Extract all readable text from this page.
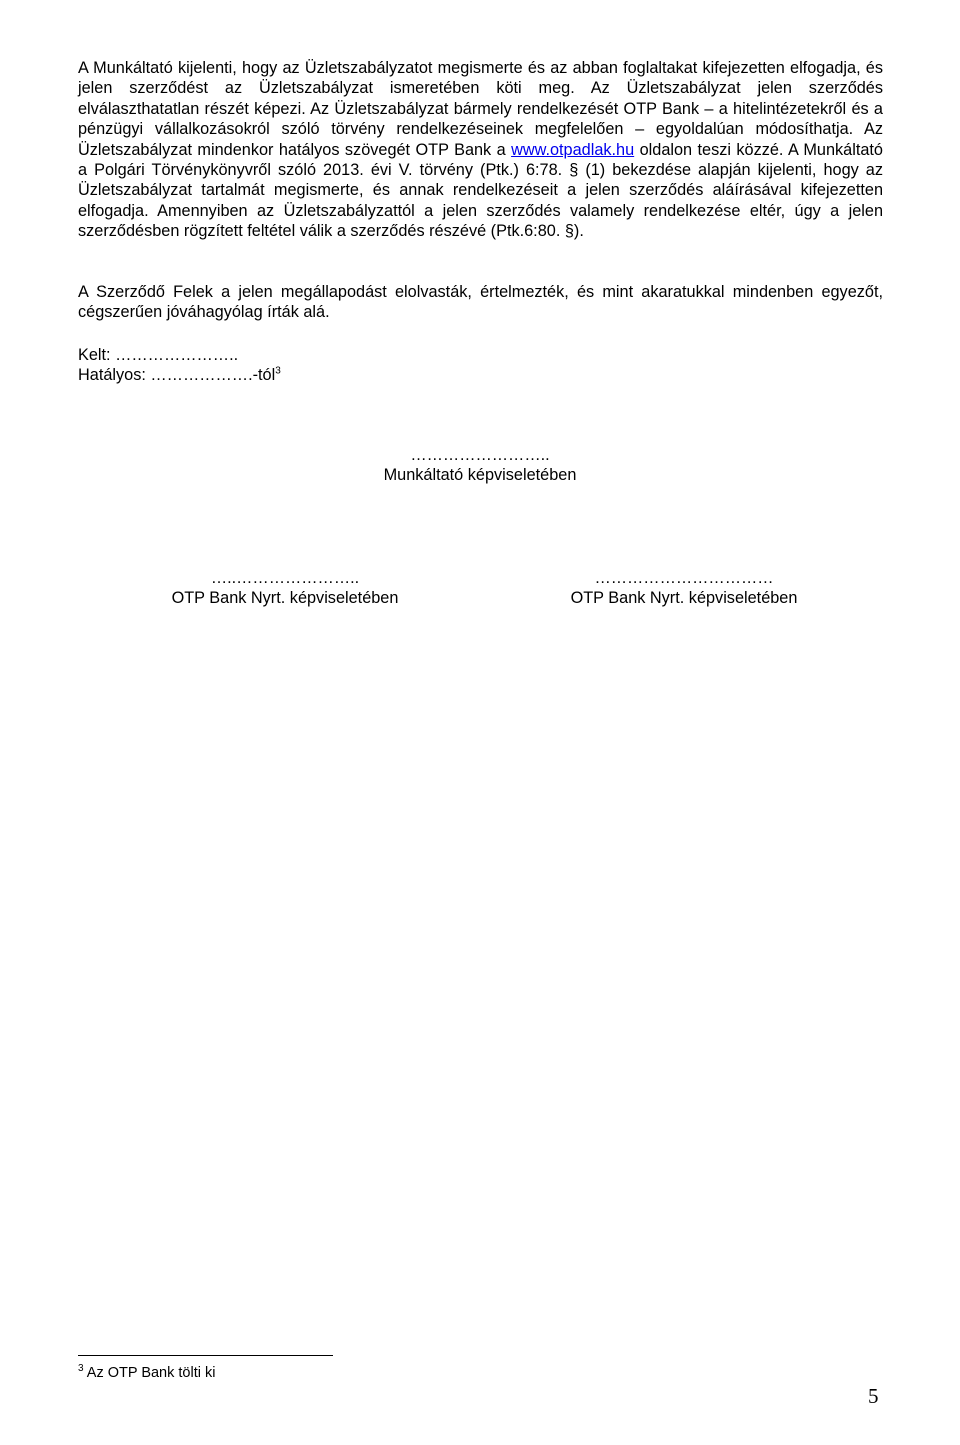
A Munkáltató kijelenti, hogy az Üzletszabályzatot megismerte és az abban foglaltakat kifejezetten elfogadja, és jelen szerződést az Üzletszabályzat ismeretében köti meg. Az Üzletszabályzat jelen szerződés elválaszthatatlan részét képezi. Az Üzletszabályzat bármely rendelkezését OTP Bank – a hitelintézetekről és a pénzügyi vállalkozásokról szóló törvény rendelkezéseinek megfelelően – egyoldalúan módosíthatja. Az Üzletszabályzat mindenkor hatályos szövegét OTP Bank a www.otpadlak.hu oldalon teszi közzé. A Munkáltató a Polgári Törvénykönyvről szóló 2013. évi V. törvény (Ptk.) 6:78. § (1) bekezdése alapján kijelenti, hogy az Üzletszabályzat tartalmát megismerte, és annak rendelkezéseit a jelen szerződés aláírásával kifejezetten elfogadja. Amennyiben az Üzletszabályzattól a jelen szerződés valamely rendelkezése eltér, úgy a jelen szerződésben rögzített feltétel válik a szerződés részévé (Ptk.6:80. §).

A Szerződő Felek a jelen megállapodást elolvasták, értelmezték, és mint akaratukkal mindenben egyezőt, cégszerűen jóváhagyólag írták alá.

Kelt: …………………..
Hatályos: ……………….-tól$^3$
……………………..
Munkáltató képviseletében
…..…………………..
OTP Bank Nyrt. képviseletében
……………………………
OTP Bank Nyrt. képviseletében
$^3$ Az OTP Bank tölti ki
5
